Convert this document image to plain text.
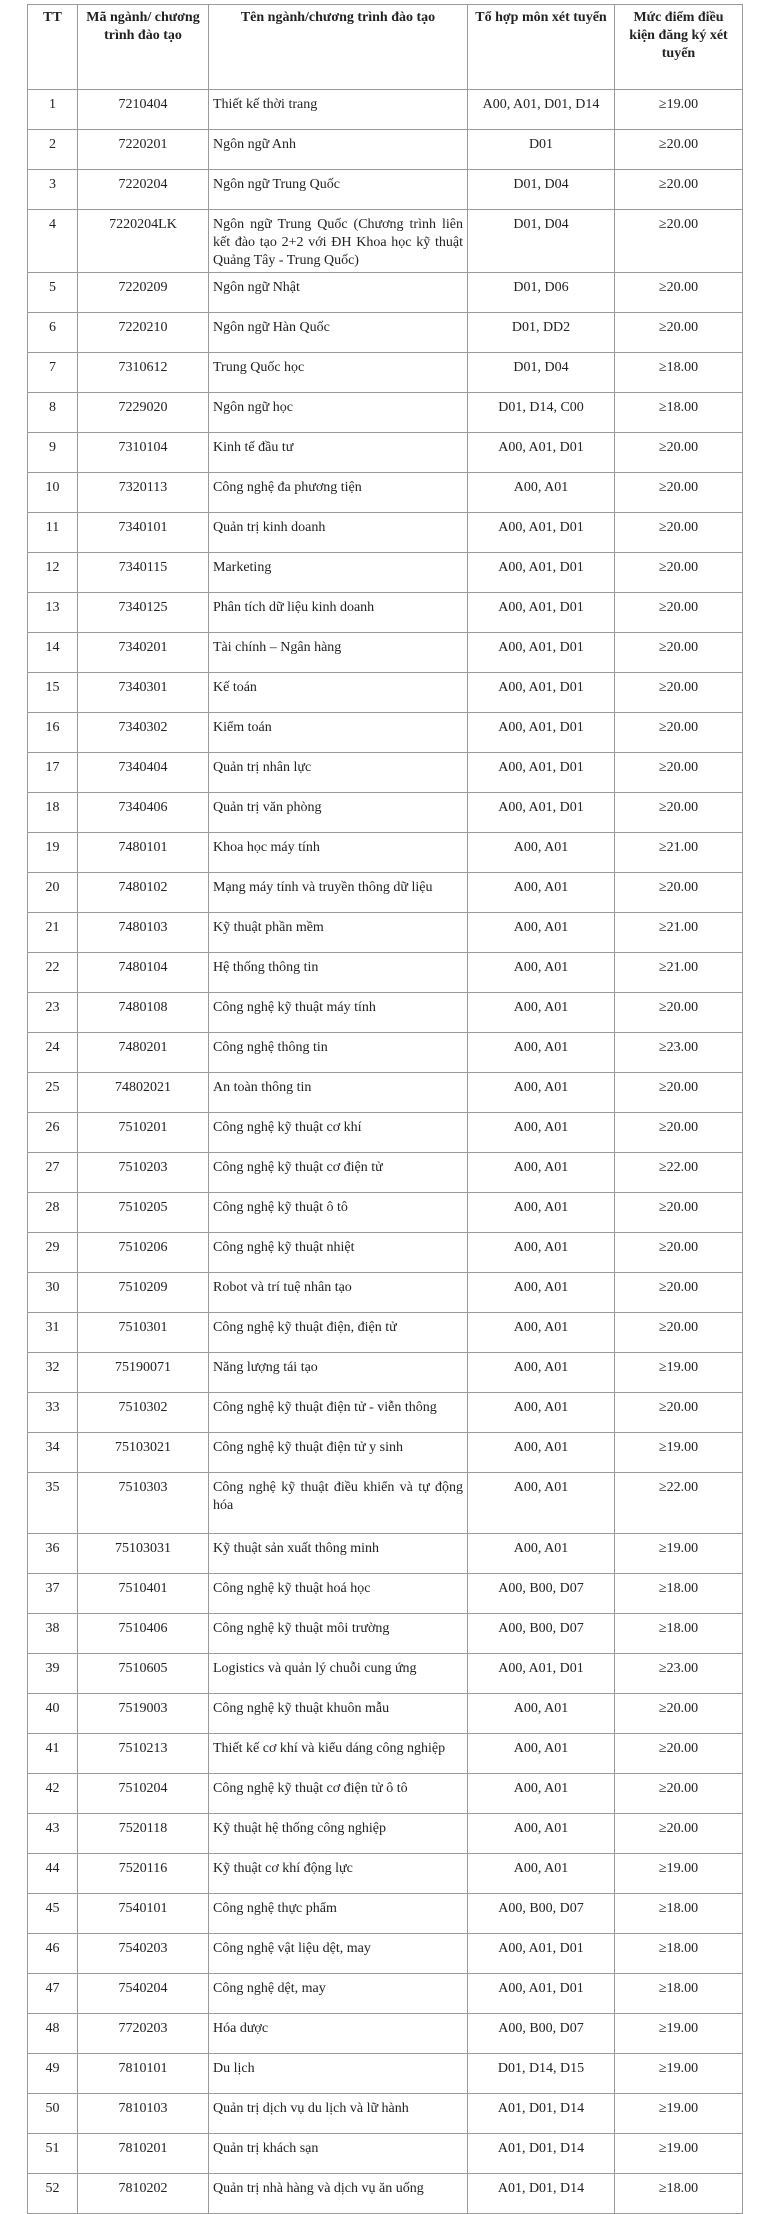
TT	Mã ngành/ chương trình đào tạo	Tên ngành/chương trình đào tạo	Tổ hợp môn xét tuyển	Mức điểm điều kiện đăng ký xét tuyển
1	7210404	Thiết kế thời trang	A00, A01, D01, D14	≥19.00
2	7220201	Ngôn ngữ Anh	D01	≥20.00
3	7220204	Ngôn ngữ Trung Quốc	D01, D04	≥20.00
4	7220204LK	Ngôn ngữ Trung Quốc (Chương trình liên kết đào tạo 2+2 với ĐH Khoa học kỹ thuật Quảng Tây - Trung Quốc)	D01, D04	≥20.00
5	7220209	Ngôn ngữ Nhật	D01, D06	≥20.00
6	7220210	Ngôn ngữ Hàn Quốc	D01, DD2	≥20.00
7	7310612	Trung Quốc học	D01, D04	≥18.00
8	7229020	Ngôn ngữ học	D01, D14, C00	≥18.00
9	7310104	Kinh tế đầu tư	A00, A01, D01	≥20.00
10	7320113	Công nghệ đa phương tiện	A00, A01	≥20.00
11	7340101	Quản trị kinh doanh	A00, A01, D01	≥20.00
12	7340115	Marketing	A00, A01, D01	≥20.00
13	7340125	Phân tích dữ liệu kinh doanh	A00, A01, D01	≥20.00
14	7340201	Tài chính – Ngân hàng	A00, A01, D01	≥20.00
15	7340301	Kế toán	A00, A01, D01	≥20.00
16	7340302	Kiểm toán	A00, A01, D01	≥20.00
17	7340404	Quản trị nhân lực	A00, A01, D01	≥20.00
18	7340406	Quản trị văn phòng	A00, A01, D01	≥20.00
19	7480101	Khoa học máy tính	A00, A01	≥21.00
20	7480102	Mạng máy tính và truyền thông dữ liệu	A00, A01	≥20.00
21	7480103	Kỹ thuật phần mềm	A00, A01	≥21.00
22	7480104	Hệ thống thông tin	A00, A01	≥21.00
23	7480108	Công nghệ kỹ thuật máy tính	A00, A01	≥20.00
24	7480201	Công nghệ thông tin	A00, A01	≥23.00
25	74802021	An toàn thông tin	A00, A01	≥20.00
26	7510201	Công nghệ kỹ thuật cơ khí	A00, A01	≥20.00
27	7510203	Công nghệ kỹ thuật cơ điện tử	A00, A01	≥22.00
28	7510205	Công nghệ kỹ thuật ô tô	A00, A01	≥20.00
29	7510206	Công nghệ kỹ thuật nhiệt	A00, A01	≥20.00
30	7510209	Robot và trí tuệ nhân tạo	A00, A01	≥20.00
31	7510301	Công nghệ kỹ thuật điện, điện tử	A00, A01	≥20.00
32	75190071	Năng lượng tái tạo	A00, A01	≥19.00
33	7510302	Công nghệ kỹ thuật điện tử - viễn thông	A00, A01	≥20.00
34	75103021	Công nghệ kỹ thuật điện tử y sinh	A00, A01	≥19.00
35	7510303	Công nghệ kỹ thuật điều khiển và tự động hóa	A00, A01	≥22.00
36	75103031	Kỹ thuật sản xuất thông minh	A00, A01	≥19.00
37	7510401	Công nghệ kỹ thuật hoá học	A00, B00, D07	≥18.00
38	7510406	Công nghệ kỹ thuật môi trường	A00, B00, D07	≥18.00
39	7510605	Logistics và quản lý chuỗi cung ứng	A00, A01, D01	≥23.00
40	7519003	Công nghệ kỹ thuật khuôn mẫu	A00, A01	≥20.00
41	7510213	Thiết kế cơ khí và kiểu dáng công nghiệp	A00, A01	≥20.00
42	7510204	Công nghệ kỹ thuật cơ điện tử ô tô	A00, A01	≥20.00
43	7520118	Kỹ thuật hệ thống công nghiệp	A00, A01	≥20.00
44	7520116	Kỹ thuật cơ khí động lực	A00, A01	≥19.00
45	7540101	Công nghệ thực phẩm	A00, B00, D07	≥18.00
46	7540203	Công nghệ vật liệu dệt, may	A00, A01, D01	≥18.00
47	7540204	Công nghệ dệt, may	A00, A01, D01	≥18.00
48	7720203	Hóa dược	A00, B00, D07	≥19.00
49	7810101	Du lịch	D01, D14, D15	≥19.00
50	7810103	Quản trị dịch vụ du lịch và lữ hành	A01, D01, D14	≥19.00
51	7810201	Quản trị khách sạn	A01, D01, D14	≥19.00
52	7810202	Quản trị nhà hàng và dịch vụ ăn uống	A01, D01, D14	≥18.00
